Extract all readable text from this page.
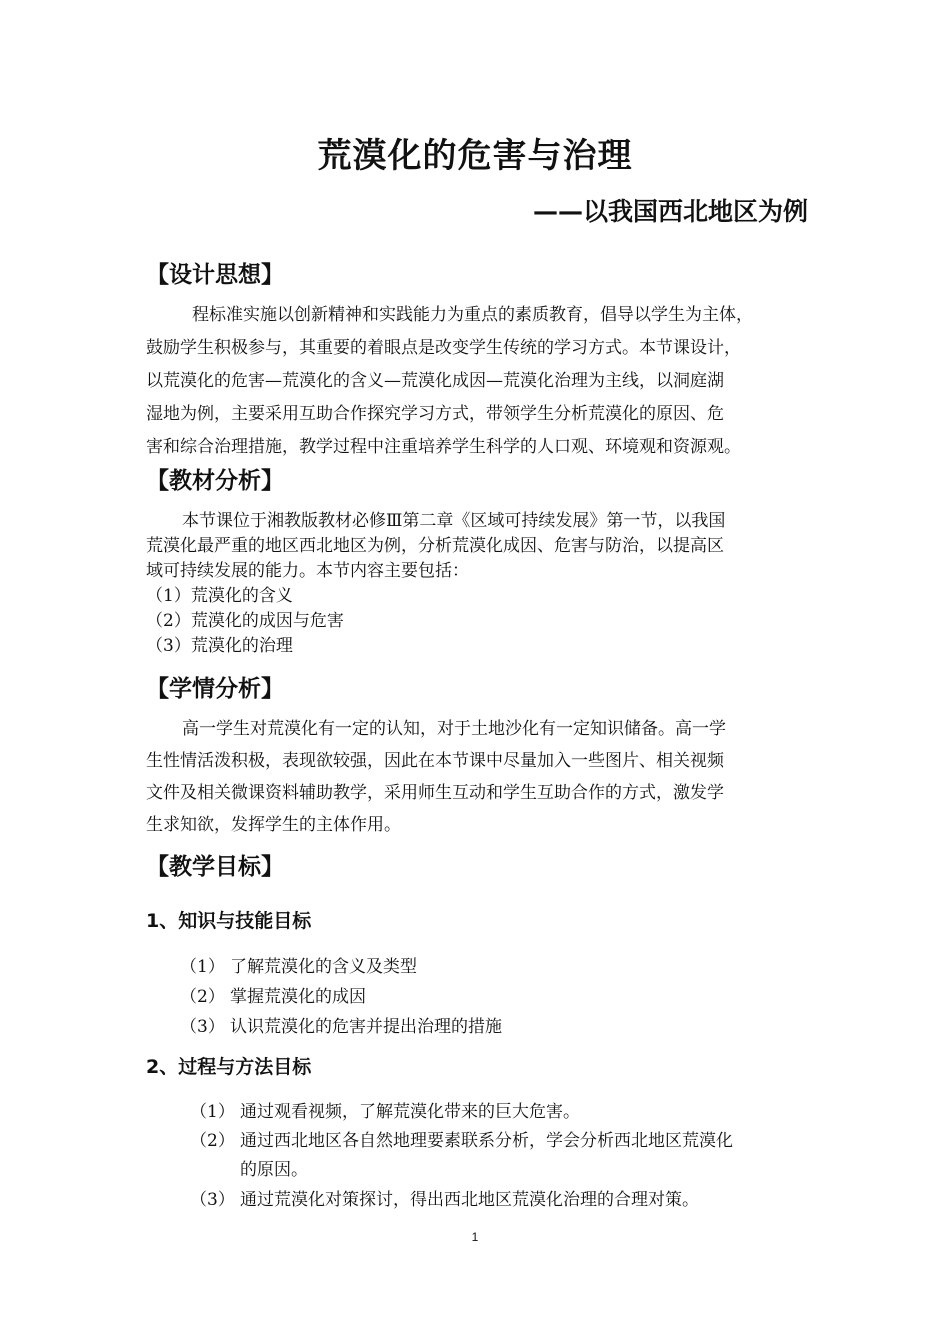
荒漠化的危害与治理
——以我国西北地区为例
【设计思想】

程标准实施以创新精神和实践能力为重点的素质教育，倡导以学生为主体，

鼓励学生积极参与，其重要的着眼点是改变学生传统的学习方式。本节课设计，

以荒漠化的危害—荒漠化的含义—荒漠化成因—荒漠化治理为主线，以洞庭湖

湿地为例，主要采用互助合作探究学习方式，带领学生分析荒漠化的原因、危

害和综合治理措施，教学过程中注重培养学生科学的人口观、环境观和资源观。

【教材分析】

本节课位于湘教版教材必修Ⅲ第二章《区域可持续发展》第一节，以我国

荒漠化最严重的地区西北地区为例，分析荒漠化成因、危害与防治，以提高区

域可持续发展的能力。本节内容主要包括：

（1）荒漠化的含义

（2）荒漠化的成因与危害

（3）荒漠化的治理

【学情分析】

高一学生对荒漠化有一定的认知，对于土地沙化有一定知识储备。高一学

生性情活泼积极，表现欲较强，因此在本节课中尽量加入一些图片、相关视频

文件及相关微课资料辅助教学，采用师生互动和学生互助合作的方式，激发学

生求知欲，发挥学生的主体作用。

【教学目标】
1、知识与技能目标
（1） 了解荒漠化的含义及类型
（2） 掌握荒漠化的成因
（3） 认识荒漠化的危害并提出治理的措施
2、过程与方法目标
（1） 通过观看视频，了解荒漠化带来的巨大危害。
（2） 通过西北地区各自然地理要素联系分析，学会分析西北地区荒漠化
的原因。
（3） 通过荒漠化对策探讨，得出西北地区荒漠化治理的合理对策。
1
